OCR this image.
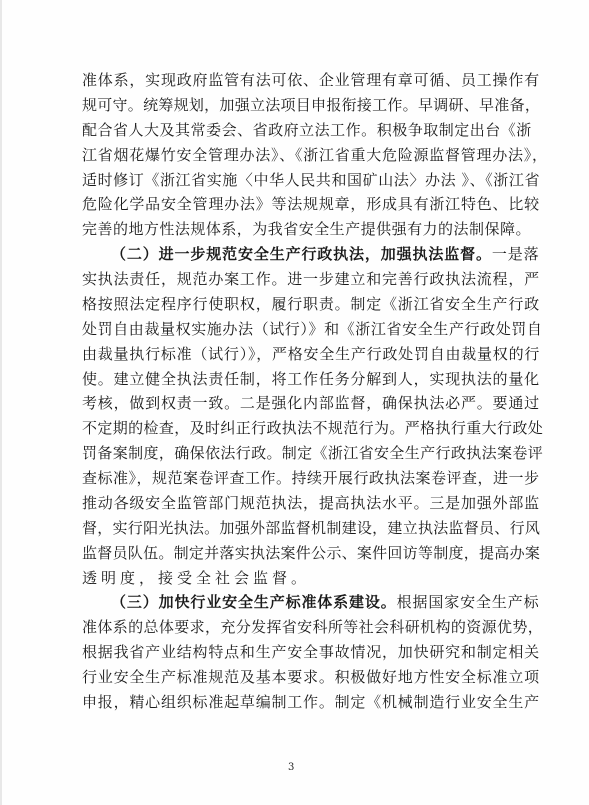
准体系，实现政府监管有法可依、企业管理有章可循、员工操作有
规可守。统筹规划，加强立法项目申报衔接工作。早调研、早准备，
配合省人大及其常委会、省政府立法工作。积极争取制定出台《浙
江省烟花爆竹安全管理办法》、《浙江省重大危险源监督管理办法》，
适时修订《浙江省实施〈中华人民共和国矿山法〉办法 》、《浙江省
危险化学品安全管理办法》等法规规章，形成具有浙江特色、比较
完善的地方性法规体系，为我省安全生产提供强有力的法制保障。
（二）进一步规范安全生产行政执法，加强执法监督。一是落
实执法责任，规范办案工作。进一步建立和完善行政执法流程，严
格按照法定程序行使职权，履行职责。制定《浙江省安全生产行政
处罚自由裁量权实施办法（试行）》和《浙江省安全生产行政处罚自
由裁量执行标准（试行）》，严格安全生产行政处罚自由裁量权的行
使。建立健全执法责任制，将工作任务分解到人，实现执法的量化
考核，做到权责一致。二是强化内部监督，确保执法必严。要通过
不定期的检查，及时纠正行政执法不规范行为。严格执行重大行政处
罚备案制度，确保依法行政。制定《浙江省安全生产行政执法案卷评
查标准》，规范案卷评查工作。持续开展行政执法案卷评查，进一步
推动各级安全监管部门规范执法，提高执法水平。三是加强外部监
督，实行阳光执法。加强外部监督机制建设，建立执法监督员、行风
监督员队伍。制定并落实执法案件公示、案件回访等制度，提高办案
透明度，接受全社会监督。
（三）加快行业安全生产标准体系建设。根据国家安全生产标
准体系的总体要求，充分发挥省安科所等社会科研机构的资源优势，
根据我省产业结构特点和生产安全事故情况，加快研究和制定相关
行业安全生产标准规范及基本要求。积极做好地方性安全标准立项
申报，精心组织标准起草编制工作。制定《机械制造行业安全生产
3
